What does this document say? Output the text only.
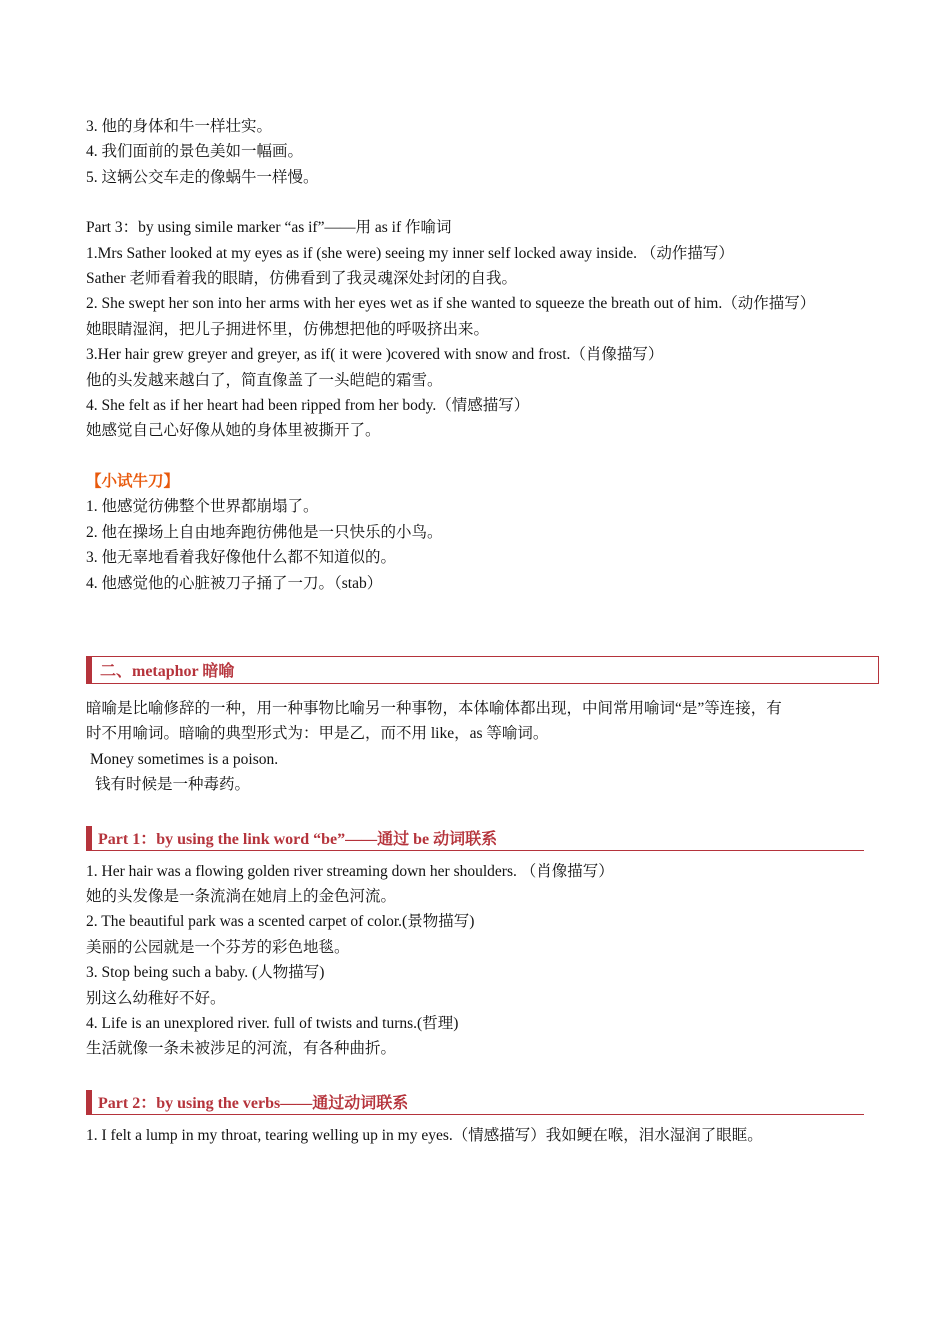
3. 他的身体和牛一样壮实。

4. 我们面前的景色美如一幅画。

5. 这辆公交车走的像蜗牛一样慢。

Part 3：by using simile marker “as if”——用 as if 作喻词

1.Mrs Sather looked at my eyes as if (she were) seeing my inner self locked away inside. （动作描写）

Sather 老师看着我的眼睛，仿佛看到了我灵魂深处封闭的自我。

2. She swept her son into her arms with her eyes wet as if she wanted to squeeze the breath out of him.（动作描写）

她眼睛湿润，把儿子拥进怀里，仿佛想把他的呼吸挤出来。

3.Her hair grew greyer and greyer, as if( it were )covered with snow and frost.（肖像描写）

他的头发越来越白了，简直像盖了一头皑皑的霜雪。

4. She felt as if her heart had been ripped from her body.（情感描写）

她感觉自己心好像从她的身体里被撕开了。

【小试牛刀】

1. 他感觉彷佛整个世界都崩塌了。

2. 他在操场上自由地奔跑彷佛他是一只快乐的小鸟。

3. 他无辜地看着我好像他什么都不知道似的。

4. 他感觉他的心脏被刀子捅了一刀。（stab）

二、metaphor 暗喻

暗喻是比喻修辞的一种，用一种事物比喻另一种事物，本体喻体都出现，中间常用喻词“是”等连接，有

时不用喻词。暗喻的典型形式为：甲是乙，而不用 like，as 等喻词。

Money sometimes is a poison.

钱有时候是一种毒药。

Part 1：by using the link word “be”——通过 be 动词联系

1. Her hair was a flowing golden river streaming down her shoulders. （肖像描写）

她的头发像是一条流淌在她肩上的金色河流。

2. The beautiful park was a scented carpet of color.(景物描写)

美丽的公园就是一个芬芳的彩色地毯。

3. Stop being such a baby. (人物描写)

别这么幼稚好不好。

4. Life is an unexplored river. full of twists and turns.(哲理)

生活就像一条未被涉足的河流，有各种曲折。

Part 2：by using the verbs——通过动词联系

1. I felt a lump in my throat, tearing welling up in my eyes.（情感描写）我如鲠在喉，泪水湿润了眼眶。
